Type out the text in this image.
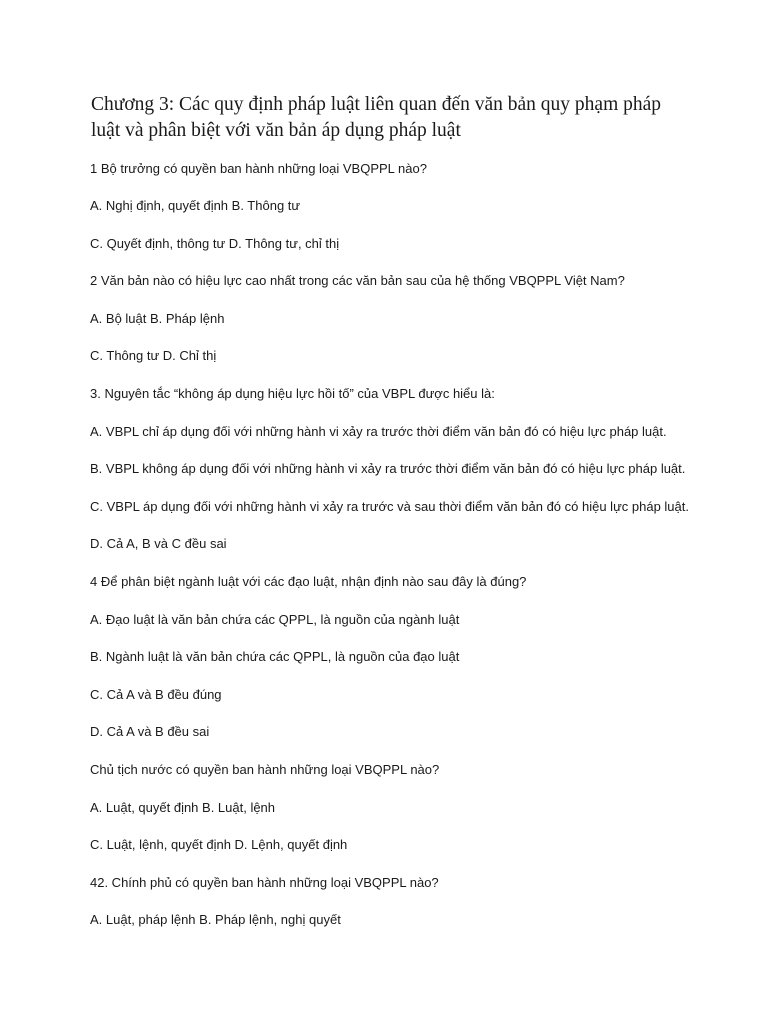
Chương 3: Các quy định pháp luật liên quan đến văn bản quy phạm pháp luật và phân biệt với văn bản áp dụng pháp luật
1 Bộ trưởng có quyền ban hành những loại VBQPPL nào?
A. Nghị định, quyết định B. Thông tư
C. Quyết định, thông tư D. Thông tư, chỉ thị
2 Văn bản nào có hiệu lực cao nhất trong các văn bản sau của hệ thống VBQPPL Việt Nam?
A. Bộ luật B. Pháp lệnh
C. Thông tư D. Chỉ thị
3. Nguyên tắc “không áp dụng hiệu lực hồi tố” của VBPL được hiểu là:
A. VBPL chỉ áp dụng đối với những hành vi xảy ra trước thời điểm văn bản đó có hiệu lực pháp luật.
B. VBPL không áp dụng đối với những hành vi xảy ra trước thời điểm văn bản đó có hiệu lực pháp luật.
C. VBPL áp dụng đối với những hành vi xảy ra trước và sau thời điểm văn bản đó có hiệu lực pháp luật.
D. Cả A, B và C đều sai
4 Để phân biệt ngành luật với các đạo luật, nhận định nào sau đây là đúng?
A. Đạo luật là văn bản chứa các QPPL, là nguồn của ngành luật
B. Ngành luật là văn bản chứa các QPPL, là nguồn của đạo luật
C. Cả A và B đều đúng
D. Cả A và B đều sai
Chủ tịch nước có quyền ban hành những loại VBQPPL nào?
A. Luật, quyết định B. Luật, lệnh
C. Luật, lệnh, quyết định D. Lệnh, quyết định
42. Chính phủ có quyền ban hành những loại VBQPPL nào?
A. Luật, pháp lệnh B. Pháp lệnh, nghị quyết
